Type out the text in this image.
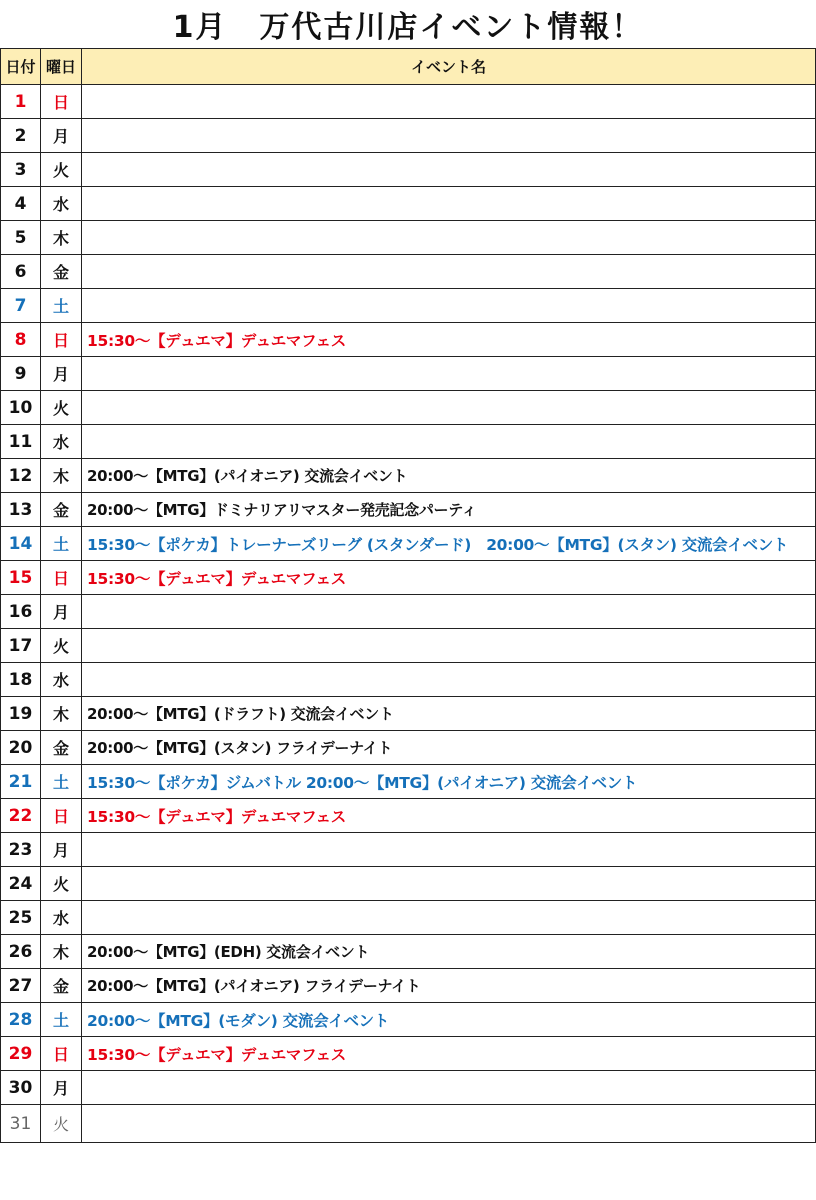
1月　万代古川店イベント情報！
日付	曜日	イベント名
1	日	
2	月	
3	火	
4	水	
5	木	
6	金	
7	土	
8	日	15:30～【デュエマ】デュエマフェス
9	月	
10	火	
11	水	
12	木	20:00～【MTG】(パイオニア) 交流会イベント
13	金	20:00～【MTG】ドミナリアリマスター発売記念パーティ
14	土	15:30～【ポケカ】トレーナーズリーグ (スタンダード)　20:00～【MTG】(スタン) 交流会イベント
15	日	15:30～【デュエマ】デュエマフェス
16	月	
17	火	
18	水	
19	木	20:00～【MTG】(ドラフト) 交流会イベント
20	金	20:00～【MTG】(スタン) フライデーナイト
21	土	15:30～【ポケカ】ジムバトル 20:00～【MTG】(パイオニア) 交流会イベント
22	日	15:30～【デュエマ】デュエマフェス
23	月	
24	火	
25	水	
26	木	20:00～【MTG】(EDH) 交流会イベント
27	金	20:00～【MTG】(パイオニア) フライデーナイト
28	土	20:00～【MTG】(モダン) 交流会イベント
29	日	15:30～【デュエマ】デュエマフェス
30	月	
31	火	
